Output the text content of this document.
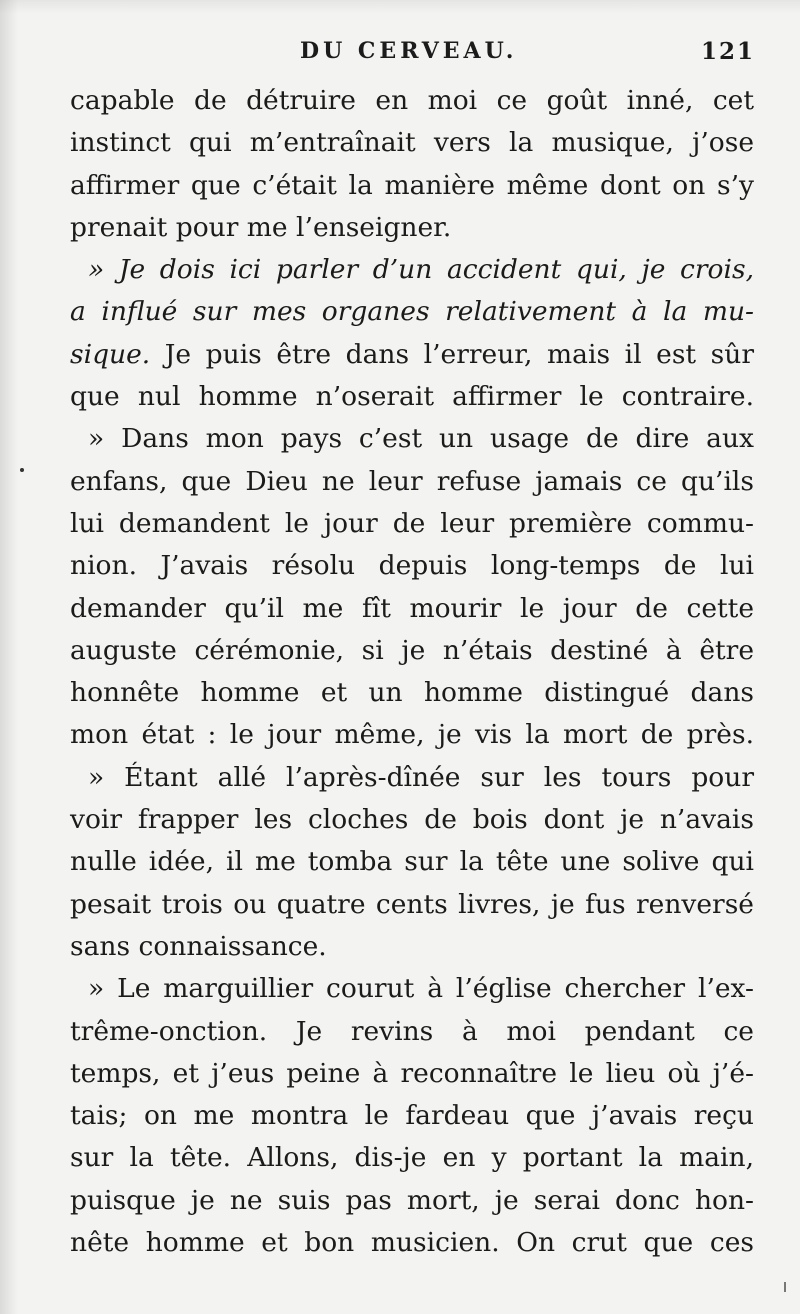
DU CERVEAU.	121
capable de détruire en moi ce goût inné, cet
instinct qui m’entraînait vers la musique, j’ose
affirmer que c’était la manière même dont on s’y
prenait pour me l’enseigner.
» Je dois ici parler d’un accident qui, je crois,
a influé sur mes organes relativement à la mu-
sique. Je puis être dans l’erreur, mais il est sûr
que nul homme n’oserait affirmer le contraire.
» Dans mon pays c’est un usage de dire aux
enfans, que Dieu ne leur refuse jamais ce qu’ils
lui demandent le jour de leur première commu-
nion. J’avais résolu depuis long-temps de lui
demander qu’il me fît mourir le jour de cette
auguste cérémonie, si je n’étais destiné à être
honnête homme et un homme distingué dans
mon état : le jour même, je vis la mort de près.
» Étant allé l’après-dînée sur les tours pour
voir frapper les cloches de bois dont je n’avais
nulle idée, il me tomba sur la tête une solive qui
pesait trois ou quatre cents livres, je fus renversé
sans connaissance.
» Le marguillier courut à l’église chercher l’ex-
trême-onction. Je revins à moi pendant ce
temps, et j’eus peine à reconnaître le lieu où j’é-
tais; on me montra le fardeau que j’avais reçu
sur la tête. Allons, dis-je en y portant la main,
puisque je ne suis pas mort, je serai donc hon-
nête homme et bon musicien. On crut que ces
